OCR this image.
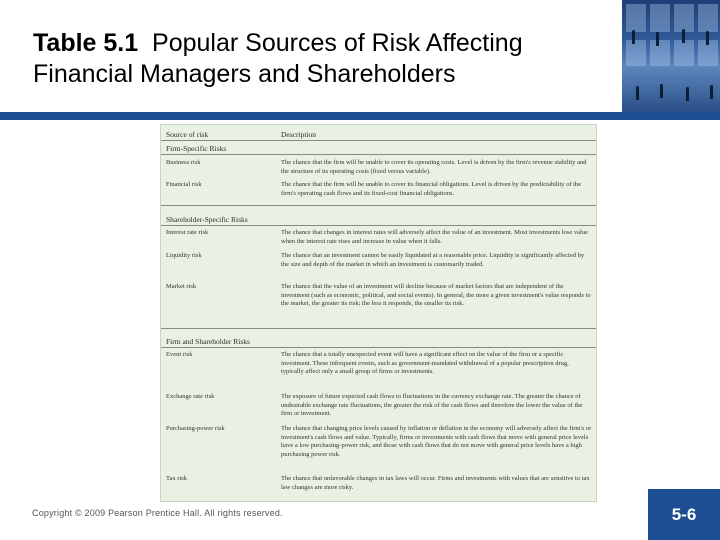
Table 5.1 Popular Sources of Risk Affecting
Financial Managers and Shareholders
Source of risk	Description
Firm-Specific Risks
Business risk	The chance that the firm will be unable to cover its operating costs. Level is driven by the firm's revenue stability and the structure of its operating costs (fixed versus variable).
Financial risk	The chance that the firm will be unable to cover its financial obligations. Level is driven by the predictability of the firm's operating cash flows and its fixed-cost financial obligations.
Shareholder-Specific Risks
Interest rate risk	The chance that changes in interest rates will adversely affect the value of an investment. Most investments lose value when the interest rate rises and increase in value when it falls.
Liquidity risk	The chance that an investment cannot be easily liquidated at a reasonable price. Liquidity is significantly affected by the size and depth of the market in which an investment is customarily traded.
Market risk	The chance that the value of an investment will decline because of market factors that are independent of the investment (such as economic, political, and social events). In general, the more a given investment's value responds to the market, the greater its risk; the less it responds, the smaller its risk.
Firm and Shareholder Risks
Event risk	The chance that a totally unexpected event will have a significant effect on the value of the firm or a specific investment. These infrequent events, such as government-mandated withdrawal of a popular prescription drug, typically affect only a small group of firms or investments.
Exchange rate risk	The exposure of future expected cash flows to fluctuations in the currency exchange rate. The greater the chance of undesirable exchange rate fluctuations, the greater the risk of the cash flows and therefore the lower the value of the firm or investment.
Purchasing-power risk	The chance that changing price levels caused by inflation or deflation in the economy will adversely affect the firm's or investment's cash flows and value. Typically, firms or investments with cash flows that move with general price levels have a low purchasing-power risk, and those with cash flows that do not move with general price levels have a high purchasing power risk.
Tax risk	The chance that unfavorable changes in tax laws will occur. Firms and investments with values that are sensitive to tax law changes are more risky.
Copyright © 2009 Pearson Prentice Hall. All rights reserved.	5-6
